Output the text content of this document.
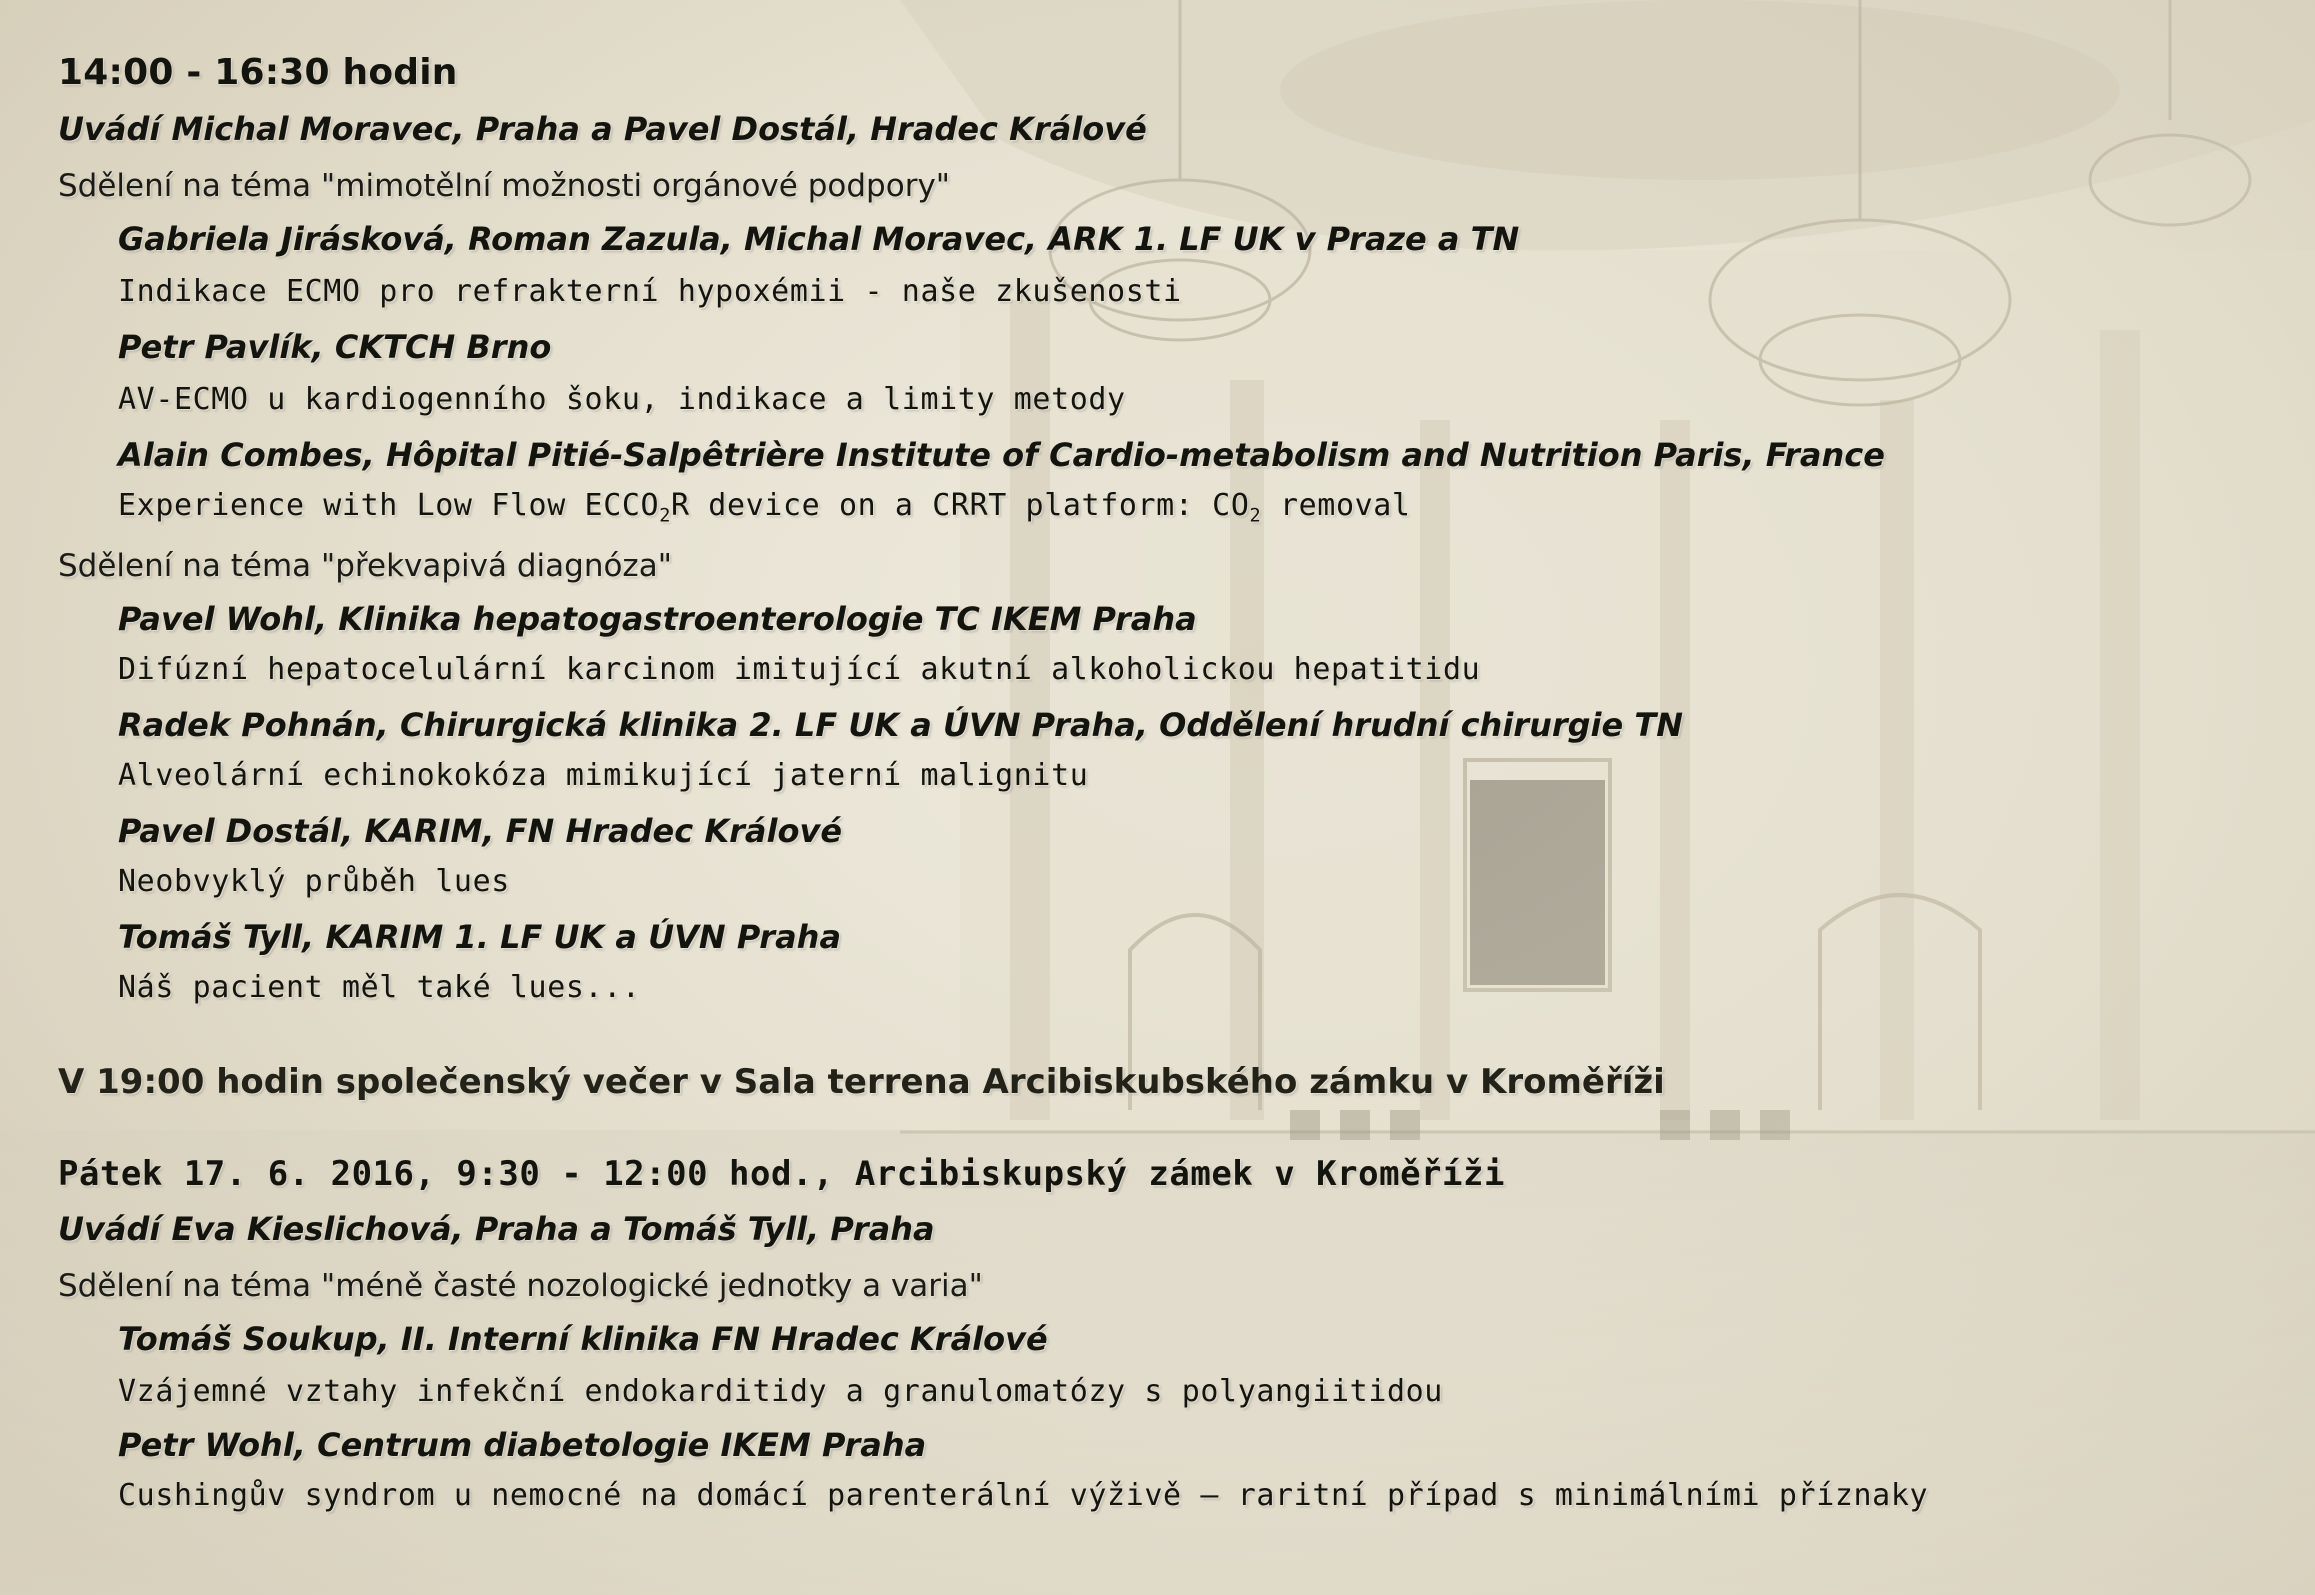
14:00 - 16:30 hodin
Uvádí Michal Moravec, Praha a Pavel Dostál, Hradec Králové
Sdělení na téma "mimotělní možnosti orgánové podpory"
Gabriela Jirásková, Roman Zazula, Michal Moravec, ARK 1. LF UK v Praze a TN
Indikace ECMO pro refrakterní hypoxémii - naše zkušenosti
Petr Pavlík, CKTCH Brno
AV-ECMO u kardiogenního šoku, indikace a limity metody
Alain Combes, Hôpital Pitié-Salpêtrière Institute of Cardio-metabolism and Nutrition Paris, France
Experience with Low Flow $ECCO_2R$ device on a CRRT platform: $CO_2$ removal
Sdělení na téma "překvapivá diagnóza"
Pavel Wohl, Klinika hepatogastroenterologie TC IKEM Praha
Difúzní hepatocelulární karcinom imitující akutní alkoholickou hepatitidu
Radek Pohnán, Chirurgická klinika 2. LF UK a ÚVN Praha, Oddělení hrudní chirurgie TN
Alveolární echinokokóza mimikující jaterní malignitu
Pavel Dostál, KARIM, FN Hradec Králové
Neobvyklý průběh lues
Tomáš Tyll, KARIM 1. LF UK a ÚVN Praha
Náš pacient měl také lues...
V 19:00 hodin společenský večer v Sala terrena Arcibiskubského zámku v Kroměříži
Pátek 17. 6. 2016, 9:30 - 12:00 hod., Arcibiskupský zámek v Kroměříži
Uvádí Eva Kieslichová, Praha a Tomáš Tyll, Praha
Sdělení na téma "méně časté nozologické jednotky a varia"
Tomáš Soukup, II. Interní klinika FN Hradec Králové
Vzájemné vztahy infekční endokarditidy a granulomatózy s polyangiitidou
Petr Wohl, Centrum diabetologie IKEM Praha
Cushingův syndrom u nemocné na domácí parenterální výživě – raritní případ s minimálními příznaky
